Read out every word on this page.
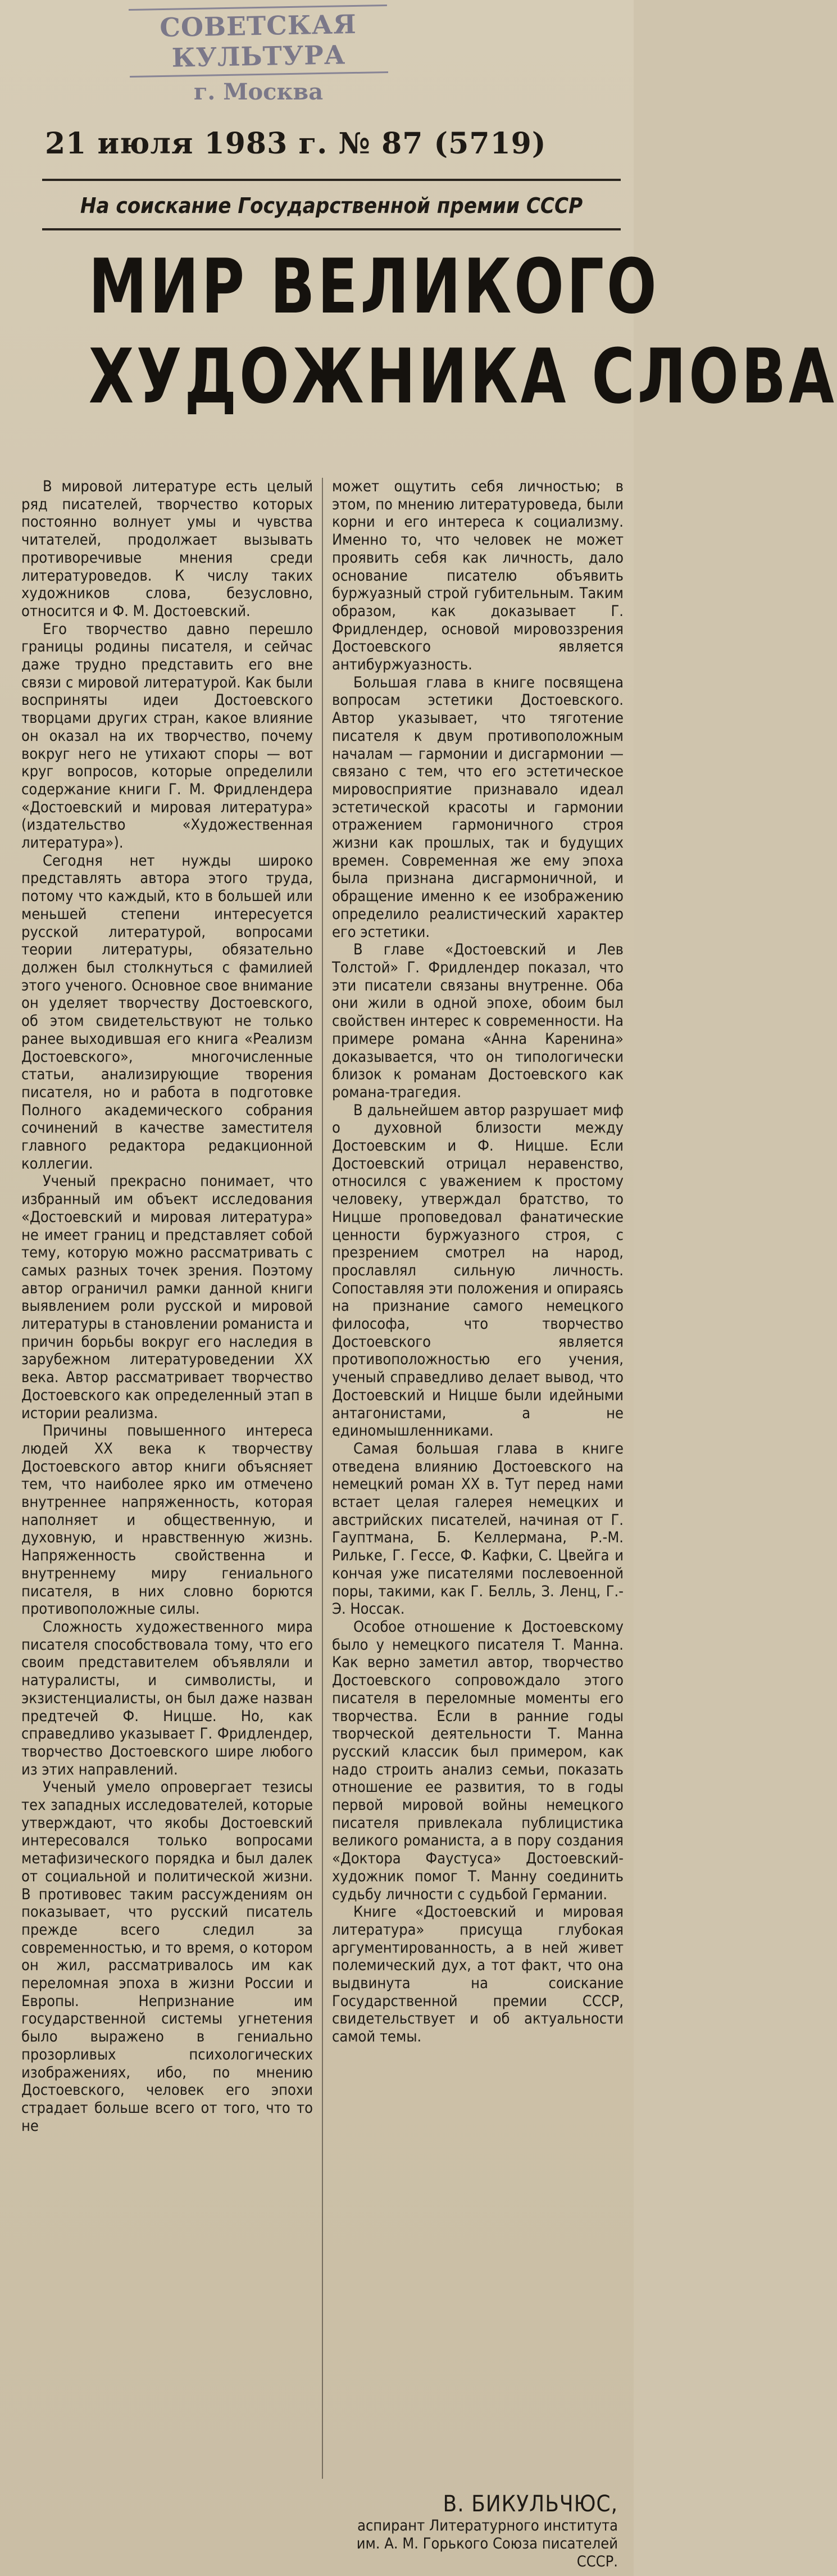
СОВЕТСКАЯ КУЛЬТУРА
г. Москва
21 июля 1983 г. № 87 (5719)
На соискание Государственной премии СССР
МИР ВЕЛИКОГО
ХУДОЖНИКА СЛОВА

В мировой литературе есть целый ряд писателей, творчество которых постоянно волнует умы и чувства читателей, продолжает вызывать противоречивые мнения среди литературоведов. К числу таких художников слова, безусловно, относится и Ф. М. Достоевский.

Его творчество давно перешло границы родины писателя, и сейчас даже трудно представить его вне связи с мировой литературой. Как были восприняты идеи Достоевского творцами других стран, какое влияние он оказал на их творчество, почему вокруг него не утихают споры — вот круг вопросов, которые определили содержание книги Г. М. Фридлендера «Достоевский и мировая литература» (издательство «Художественная литература»).

Сегодня нет нужды широко представлять автора этого труда, потому что каждый, кто в большей или меньшей степени интересуется русской литературой, вопросами теории литературы, обязательно должен был столкнуться с фамилией этого ученого. Основное свое внимание он уделяет творчеству Достоевского, об этом свидетельствуют не только ранее выходившая его книга «Реализм Достоевского», многочисленные статьи, анализирующие творения писателя, но и работа в подготовке Полного академического собрания сочинений в качестве заместителя главного редактора редакционной коллегии.

Ученый прекрасно понимает, что избранный им объект исследования «Достоевский и мировая литература» не имеет границ и представляет собой тему, которую можно рассматривать с самых разных точек зрения. Поэтому автор ограничил рамки данной книги выявлением роли русской и мировой литературы в становлении романиста и причин борьбы вокруг его наследия в зарубежном литературоведении XX века. Автор рассматривает творчество Достоевского как определенный этап в истории реализма.

Причины повышенного интереса людей XX века к творчеству Достоевского автор книги объясняет тем, что наиболее ярко им отмечено внутреннее напряженность, которая наполняет и общественную, и духовную, и нравственную жизнь. Напряженность свойственна и внутреннему миру гениального писателя, в них словно борются противоположные силы.

Сложность художественного мира писателя способствовала тому, что его своим представителем объявляли и натуралисты, и символисты, и экзистенциалисты, он был даже назван предтечей Ф. Ницше. Но, как справедливо указывает Г. Фридлендер, творчество Достоевского шире любого из этих направлений.

Ученый умело опровергает тезисы тех западных исследователей, которые утверждают, что якобы Достоевский интересовался только вопросами метафизического порядка и был далек от социальной и политической жизни. В противовес таким рассуждениям он показывает, что русский писатель прежде всего следил за современностью, и то время, о котором он жил, рассматривалось им как переломная эпоха в жизни России и Европы. Непризнание им государственной системы угнетения было выражено в гениально прозорливых психологических изображениях, ибо, по мнению Достоевского, человек его эпохи страдает больше всего от того, что то не

может ощутить себя личностью; в этом, по мнению литературоведа, были корни и его интереса к социализму. Именно то, что человек не может проявить себя как личность, дало основание писателю объявить буржуазный строй губительным. Таким образом, как доказывает Г. Фридлендер, основой мировоззрения Достоевского является антибуржуазность.

Большая глава в книге посвящена вопросам эстетики Достоевского. Автор указывает, что тяготение писателя к двум противоположным началам — гармонии и дисгармонии — связано с тем, что его эстетическое мировосприятие признавало идеал эстетической красоты и гармонии отражением гармоничного строя жизни как прошлых, так и будущих времен. Современная же ему эпоха была признана дисгармоничной, и обращение именно к ее изображению определило реалистический характер его эстетики.

В главе «Достоевский и Лев Толстой» Г. Фридлендер показал, что эти писатели связаны внутренне. Оба они жили в одной эпохе, обоим был свойствен интерес к современности. На примере романа «Анна Каренина» доказывается, что он типологически близок к романам Достоевского как романа-трагедия.

В дальнейшем автор разрушает миф о духовной близости между Достоевским и Ф. Ницше. Если Достоевский отрицал неравенство, относился с уважением к простому человеку, утверждал братство, то Ницше проповедовал фанатические ценности буржуазного строя, с презрением смотрел на народ, прославлял сильную личность. Сопоставляя эти положения и опираясь на признание самого немецкого философа, что творчество Достоевского является противоположностью его учения, ученый справедливо делает вывод, что Достоевский и Ницше были идейными антагонистами, а не единомышленниками.

Самая большая глава в книге отведена влиянию Достоевского на немецкий роман XX в. Тут перед нами встает целая галерея немецких и австрийских писателей, начиная от Г. Гауптмана, Б. Келлермана, Р.-М. Рильке, Г. Гессе, Ф. Кафки, С. Цвейга и кончая уже писателями послевоенной поры, такими, как Г. Белль, З. Ленц, Г.-Э. Носсак.

Особое отношение к Достоевскому было у немецкого писателя Т. Манна. Как верно заметил автор, творчество Достоевского сопровождало этого писателя в переломные моменты его творчества. Если в ранние годы творческой деятельности Т. Манна русский классик был примером, как надо строить анализ семьи, показать отношение ее развития, то в годы первой мировой войны немецкого писателя привлекала публицистика великого романиста, а в пору создания «Доктора Фаустуса» Достоевский-художник помог Т. Манну соединить судьбу личности с судьбой Германии.

Книге «Достоевский и мировая литература» присуща глубокая аргументированность, а в ней живет полемический дух, а тот факт, что она выдвинута на соискание Государственной премии СССР, свидетельствует и об актуальности самой темы.

В. БИКУЛЬЧЮС,
аспирант Литературного института им. А. М. Горького Союза писателей СССР.
